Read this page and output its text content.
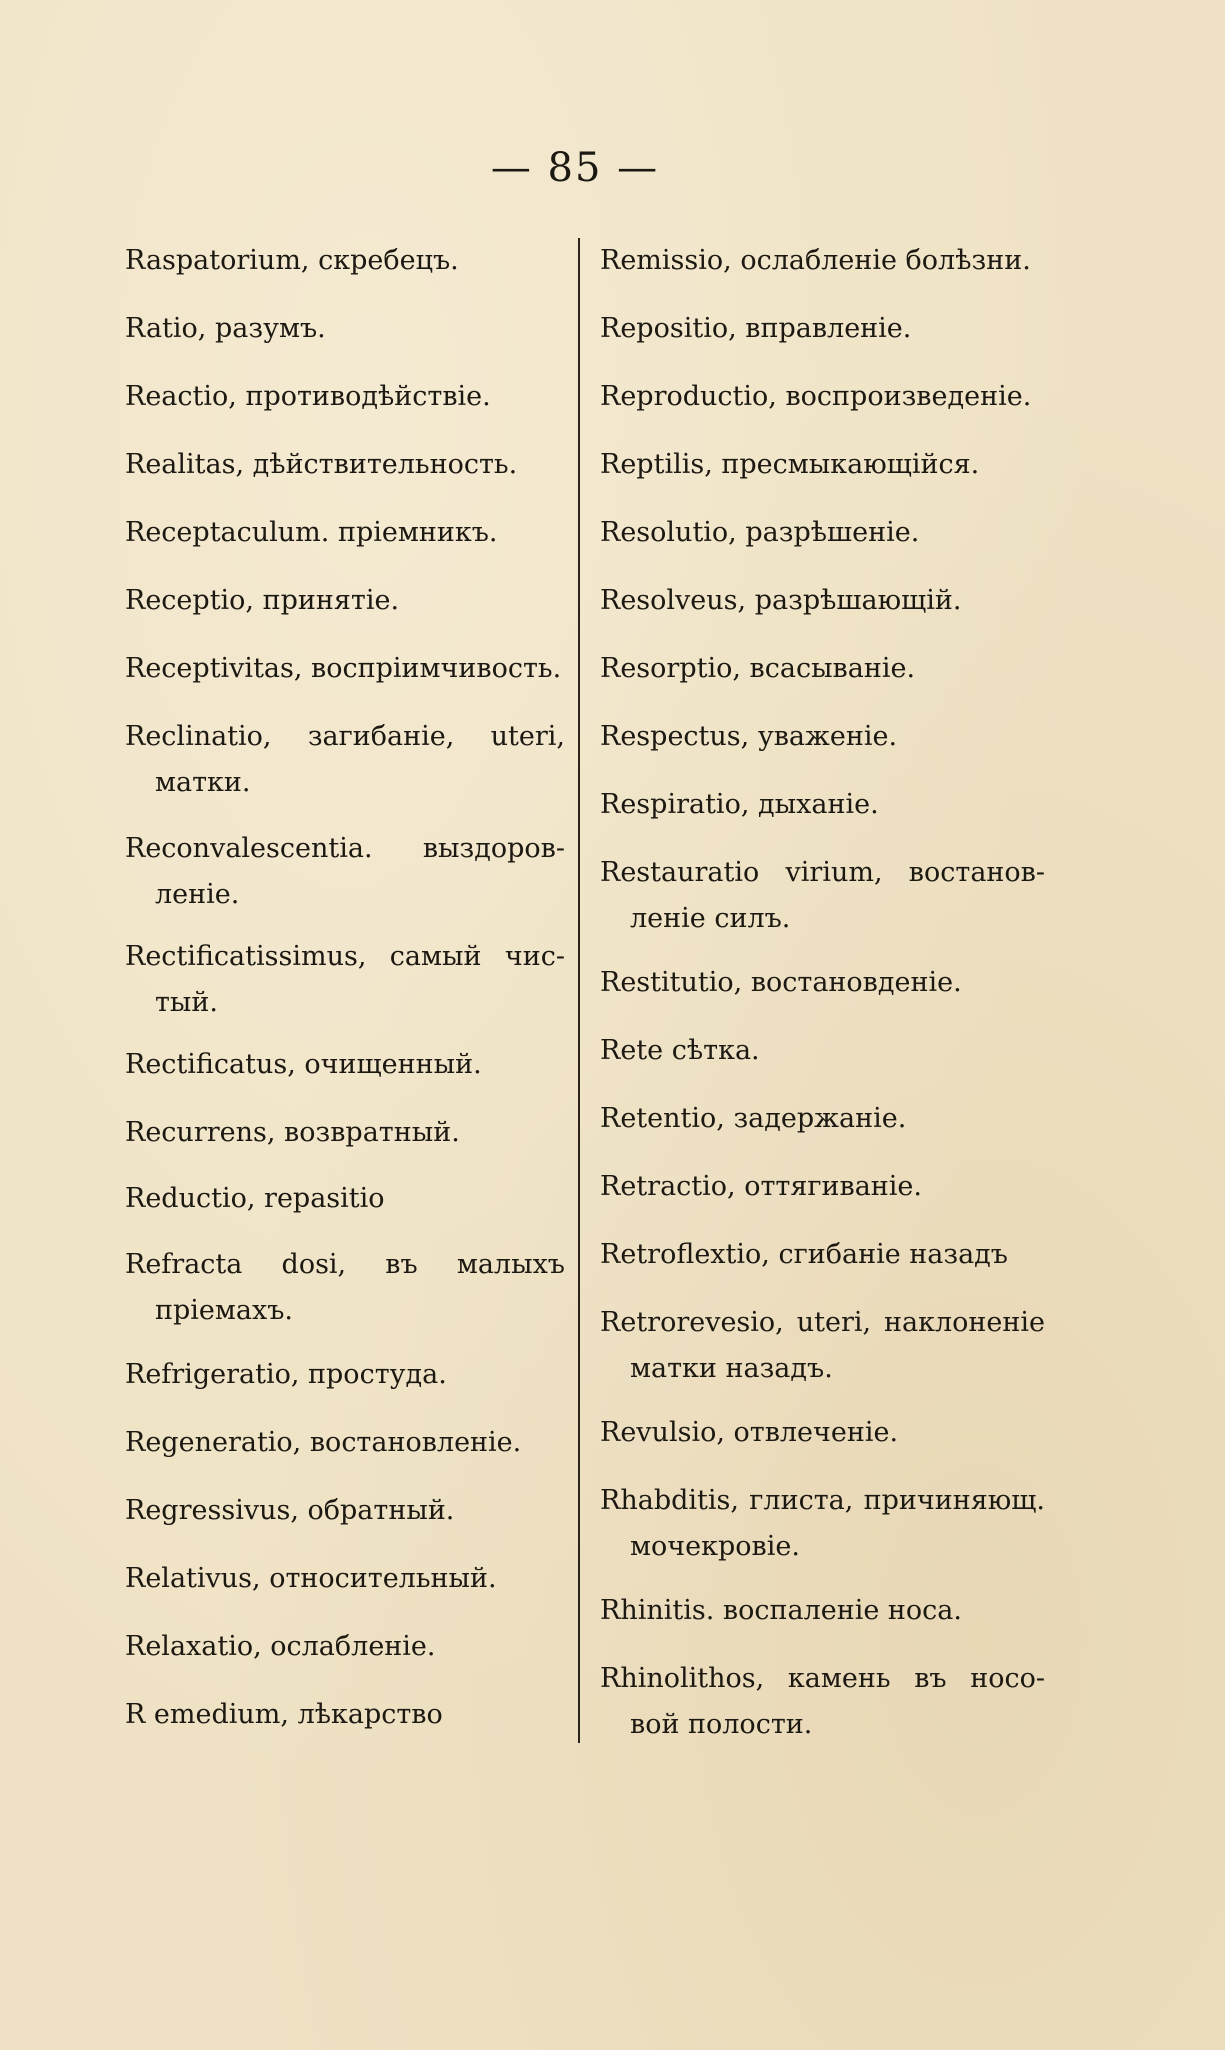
— 85 —
Raspatorium, скребецъ.
Ratio, разумъ.
Reactio, противодѣйствіе.
Realitas, дѣйствительность.
Receptaculum. пріемникъ.
Receptio, принятіе.
Receptivitas, воспріимчивость.
Reclinatio, загибаніе, uteri,
матки.
Reconvalescentia. выздоров-
леніе.
Rectificatissimus, самый чис-
тый.
Rectificatus, очищенный.
Recurrens, возвратный.
Reductio, repasitio
Refracta dosi, въ малыхъ
пріемахъ.
Refrigeratio, простуда.
Regeneratio, востановленіе.
Regressivus, обратный.
Relativus, относительный.
Relaxatio, ослабленіе.
R emedium, лѣкарство
Remissio, ослабленіе болѣзни.
Repositio, вправленіе.
Reproductio, воспроизведеніе.
Reptilis, пресмыкающійся.
Resolutio, разрѣшеніе.
Resolveus, разрѣшающій.
Resorptio, всасываніе.
Respectus, уваженіе.
Respiratio, дыханіе.
Restauratio virium, востанов-
леніе силъ.
Restitutio, востановденіе.
Rete сѣтка.
Retentio, задержаніе.
Retractio, оттягиваніе.
Retroflextio, сгибаніе назадъ
Retrorevesio, uteri, наклоненіе
матки назадъ.
Revulsio, отвлеченіе.
Rhabditis, глиста, причиняющ.
мочекровіе.
Rhinitis. воспаленіе носа.
Rhinolithos, камень въ носо-
вой полости.
